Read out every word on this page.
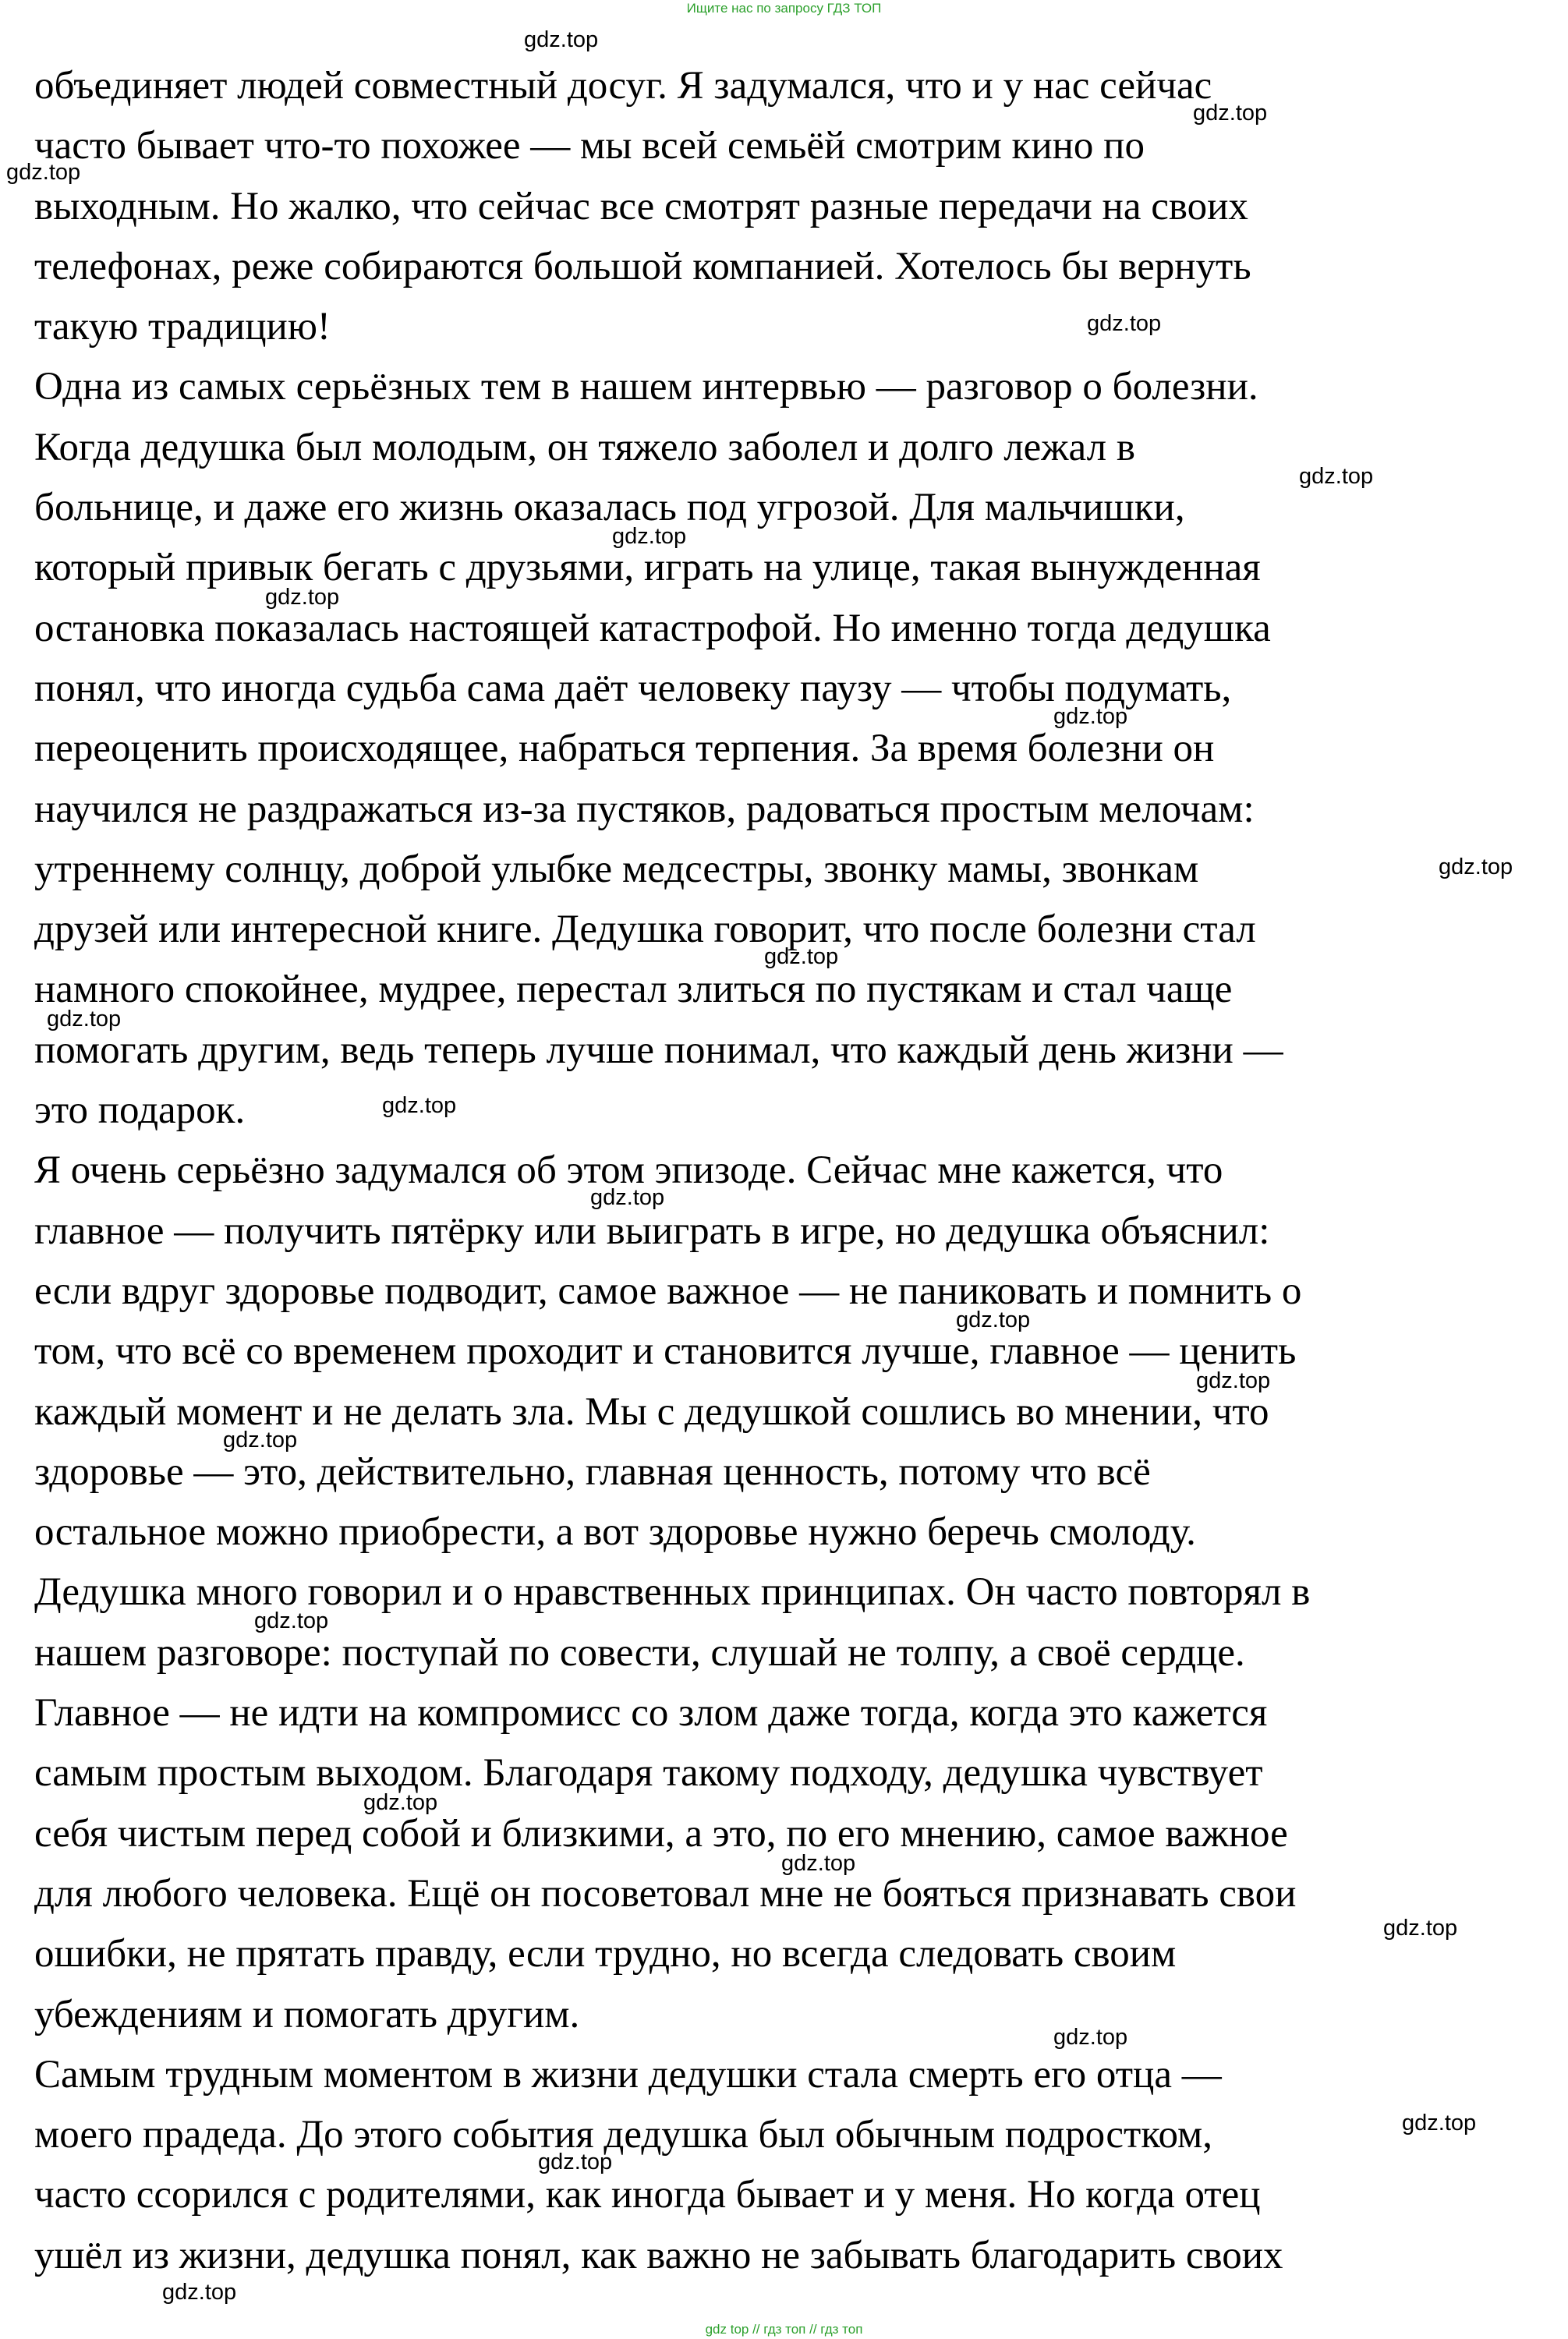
Ищите нас по запросу ГДЗ ТОП
объединяет людей совместный досуг. Я задумался, что и у нас сейчас
часто бывает что-то похожее — мы всей семьёй смотрим кино по
выходным. Но жалко, что сейчас все смотрят разные передачи на своих
телефонах, реже собираются большой компанией. Хотелось бы вернуть
такую традицию!
Одна из самых серьёзных тем в нашем интервью — разговор о болезни.
Когда дедушка был молодым, он тяжело заболел и долго лежал в
больнице, и даже его жизнь оказалась под угрозой. Для мальчишки,
который привык бегать с друзьями, играть на улице, такая вынужденная
остановка показалась настоящей катастрофой. Но именно тогда дедушка
понял, что иногда судьба сама даёт человеку паузу — чтобы подумать,
переоценить происходящее, набраться терпения. За время болезни он
научился не раздражаться из-за пустяков, радоваться простым мелочам:
утреннему солнцу, доброй улыбке медсестры, звонку мамы, звонкам
друзей или интересной книге. Дедушка говорит, что после болезни стал
намного спокойнее, мудрее, перестал злиться по пустякам и стал чаще
помогать другим, ведь теперь лучше понимал, что каждый день жизни —
это подарок.
Я очень серьёзно задумался об этом эпизоде. Сейчас мне кажется, что
главное — получить пятёрку или выиграть в игре, но дедушка объяснил:
если вдруг здоровье подводит, самое важное — не паниковать и помнить о
том, что всё со временем проходит и становится лучше, главное — ценить
каждый момент и не делать зла. Мы с дедушкой сошлись во мнении, что
здоровье — это, действительно, главная ценность, потому что всё
остальное можно приобрести, а вот здоровье нужно беречь смолоду.
Дедушка много говорил и о нравственных принципах. Он часто повторял в
нашем разговоре: поступай по совести, слушай не толпу, а своё сердце.
Главное — не идти на компромисс со злом даже тогда, когда это кажется
самым простым выходом. Благодаря такому подходу, дедушка чувствует
себя чистым перед собой и близкими, а это, по его мнению, самое важное
для любого человека. Ещё он посоветовал мне не бояться признавать свои
ошибки, не прятать правду, если трудно, но всегда следовать своим
убеждениям и помогать другим.
Самым трудным моментом в жизни дедушки стала смерть его отца —
моего прадеда. До этого события дедушка был обычным подростком,
часто ссорился с родителями, как иногда бывает и у меня. Но когда отец
ушёл из жизни, дедушка понял, как важно не забывать благодарить своих
gdz.top
gdz.top
gdz.top
gdz.top
gdz.top
gdz.top
gdz.top
gdz.top
gdz.top
gdz.top
gdz.top
gdz.top
gdz.top
gdz.top
gdz.top
gdz.top
gdz.top
gdz.top
gdz.top
gdz.top
gdz.top
gdz.top
gdz.top
gdz.top
gdz top // гдз топ // гдз топ
